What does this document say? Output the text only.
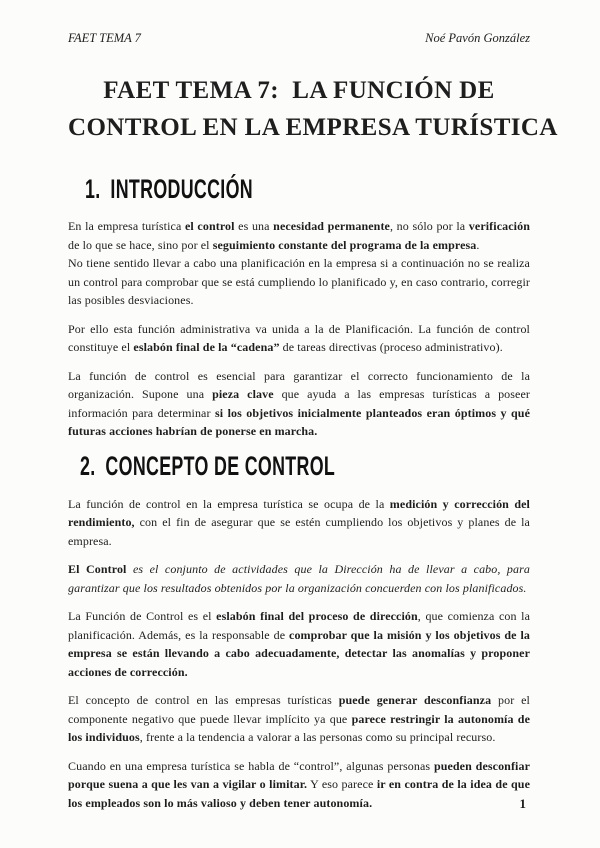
FAET TEMA 7	Noé Pavón González
FAET TEMA 7:  LA FUNCIÓN DE
CONTROL EN LA EMPRESA TURÍSTICA
1. INTRODUCCIÓN

En la empresa turística el control es una necesidad permanente, no sólo por la verificación de lo que se hace, sino por el seguimiento constante del programa de la empresa.

No tiene sentido llevar a cabo una planificación en la empresa si a continuación no se realiza un control para comprobar que se está cumpliendo lo planificado y, en caso contrario, corregir las posibles desviaciones.

Por ello esta función administrativa va unida a la de Planificación. La función de control constituye el eslabón final de la “cadena” de tareas directivas (proceso administrativo).

La función de control es esencial para garantizar el correcto funcionamiento de la organización. Supone una pieza clave que ayuda a las empresas turísticas a poseer información para determinar si los objetivos inicialmente planteados eran óptimos y qué futuras acciones habrían de ponerse en marcha.

2. CONCEPTO DE CONTROL

La función de control en la empresa turística se ocupa de la medición y corrección del rendimiento, con el fin de asegurar que se estén cumpliendo los objetivos y planes de la empresa.

El Control es el conjunto de actividades que la Dirección ha de llevar a cabo, para garantizar que los resultados obtenidos por la organización concuerden con los planificados.

La Función de Control es el eslabón final del proceso de dirección, que comienza con la planificación. Además, es la responsable de comprobar que la misión y los objetivos de la empresa se están llevando a cabo adecuadamente, detectar las anomalías y proponer acciones de corrección.

El concepto de control en las empresas turísticas puede generar desconfianza por el componente negativo que puede llevar implícito ya que parece restringir la autonomía de los individuos, frente a la tendencia a valorar a las personas como su principal recurso.

Cuando en una empresa turística se habla de “control”, algunas personas pueden desconfiar porque suena a que les van a vigilar o limitar. Y eso parece ir en contra de la idea de que los empleados son lo más valioso y deben tener autonomía.	1
